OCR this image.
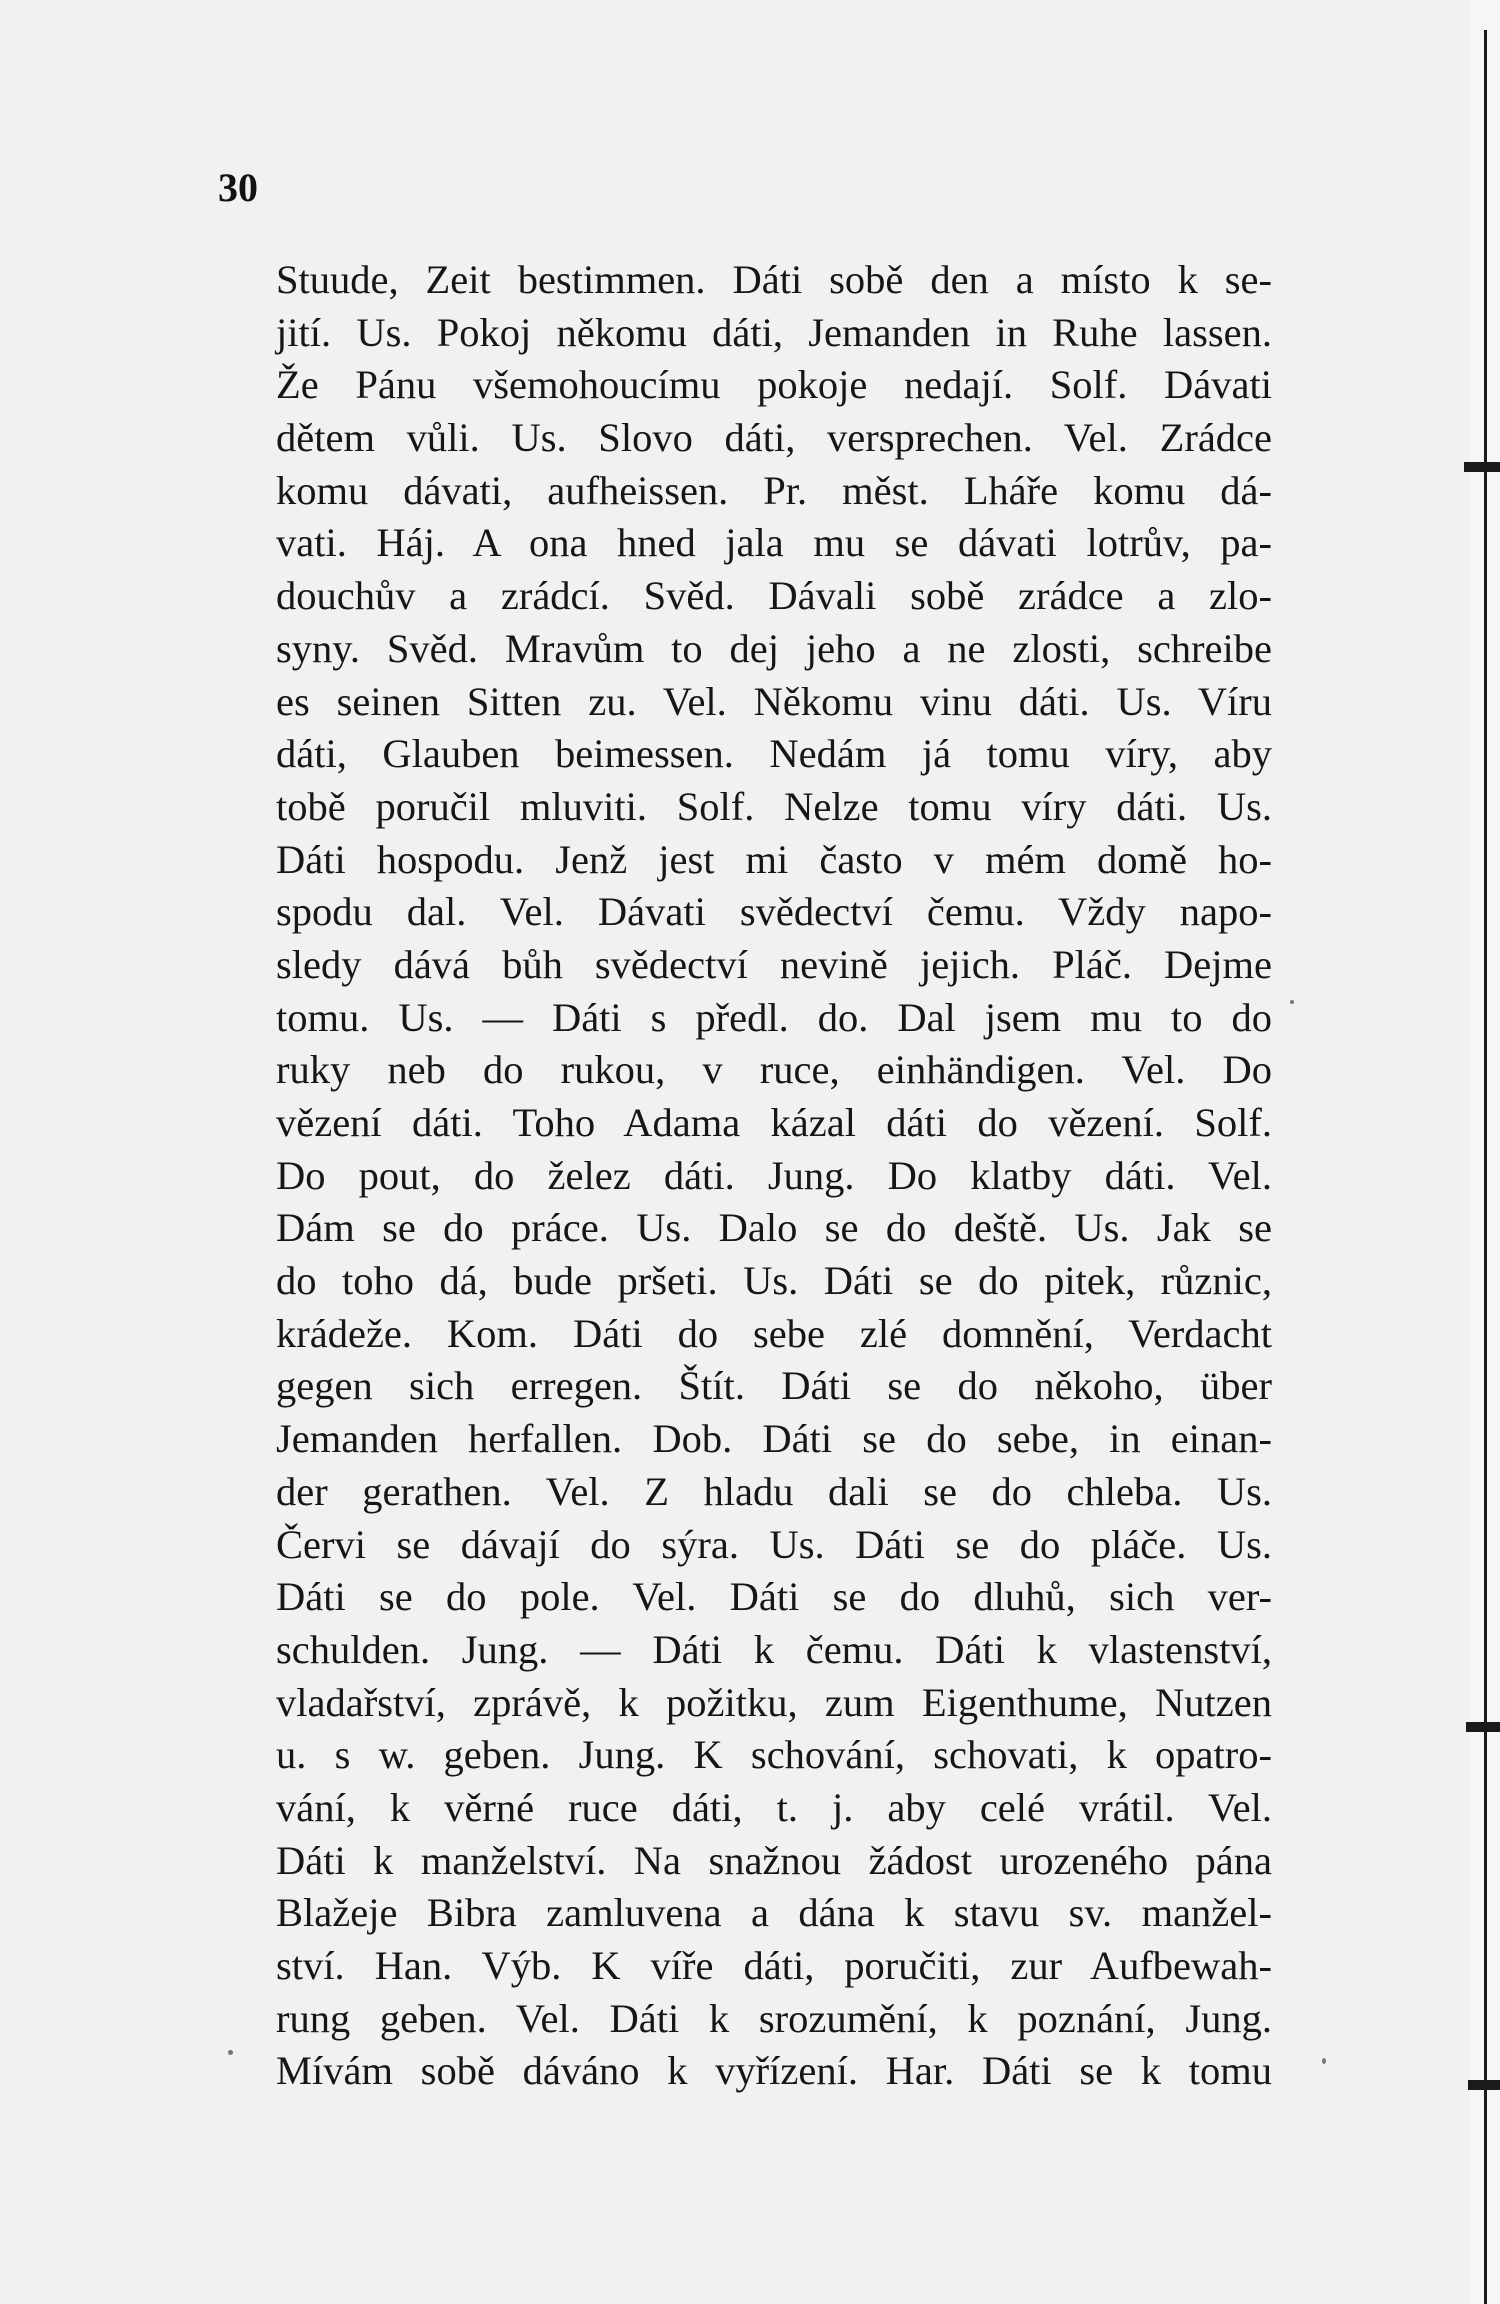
30
Stuude, Zeit bestimmen. Dáti sobě den a místo k se-
jití. Us. Pokoj někomu dáti, Jemanden in Ruhe lassen.
Že Pánu všemohoucímu pokoje nedají. Solf. Dávati
dětem vůli. Us. Slovo dáti, versprechen. Vel. Zrádce
komu dávati, aufheissen. Pr. měst. Lháře komu dá-
vati. Háj. A ona hned jala mu se dávati lotrův, pa-
douchův a zrádcí. Svěd. Dávali sobě zrádce a zlo-
syny. Svěd. Mravům to dej jeho a ne zlosti, schreibe
es seinen Sitten zu. Vel. Někomu vinu dáti. Us. Víru
dáti, Glauben beimessen. Nedám já tomu víry, aby
tobě poručil mluviti. Solf. Nelze tomu víry dáti. Us.
Dáti hospodu. Jenž jest mi často v mém domě ho-
spodu dal. Vel. Dávati svědectví čemu. Vždy napo-
sledy dává bůh svědectví nevině jejich. Pláč. Dejme
tomu. Us. — Dáti s předl. do. Dal jsem mu to do
ruky neb do rukou, v ruce, einhändigen. Vel. Do
vězení dáti. Toho Adama kázal dáti do vězení. Solf.
Do pout, do želez dáti. Jung. Do klatby dáti. Vel.
Dám se do práce. Us. Dalo se do deště. Us. Jak se
do toho dá, bude pršeti. Us. Dáti se do pitek, různic,
krádeže. Kom. Dáti do sebe zlé domnění, Verdacht
gegen sich erregen. Štít. Dáti se do někoho, über
Jemanden herfallen. Dob. Dáti se do sebe, in einan-
der gerathen. Vel. Z hladu dali se do chleba. Us.
Červi se dávají do sýra. Us. Dáti se do pláče. Us.
Dáti se do pole. Vel. Dáti se do dluhů, sich ver-
schulden. Jung. — Dáti k čemu. Dáti k vlastenství,
vladařství, zprávě, k požitku, zum Eigenthume, Nutzen
u. s w. geben. Jung. K schování, schovati, k opatro-
vání, k věrné ruce dáti, t. j. aby celé vrátil. Vel.
Dáti k manželství. Na snažnou žádost urozeného pána
Blažeje Bibra zamluvena a dána k stavu sv. manžel-
ství. Han. Výb. K víře dáti, poručiti, zur Aufbewah-
rung geben. Vel. Dáti k srozumění, k poznání, Jung.
Mívám sobě dáváno k vyřízení. Har. Dáti se k tomu
